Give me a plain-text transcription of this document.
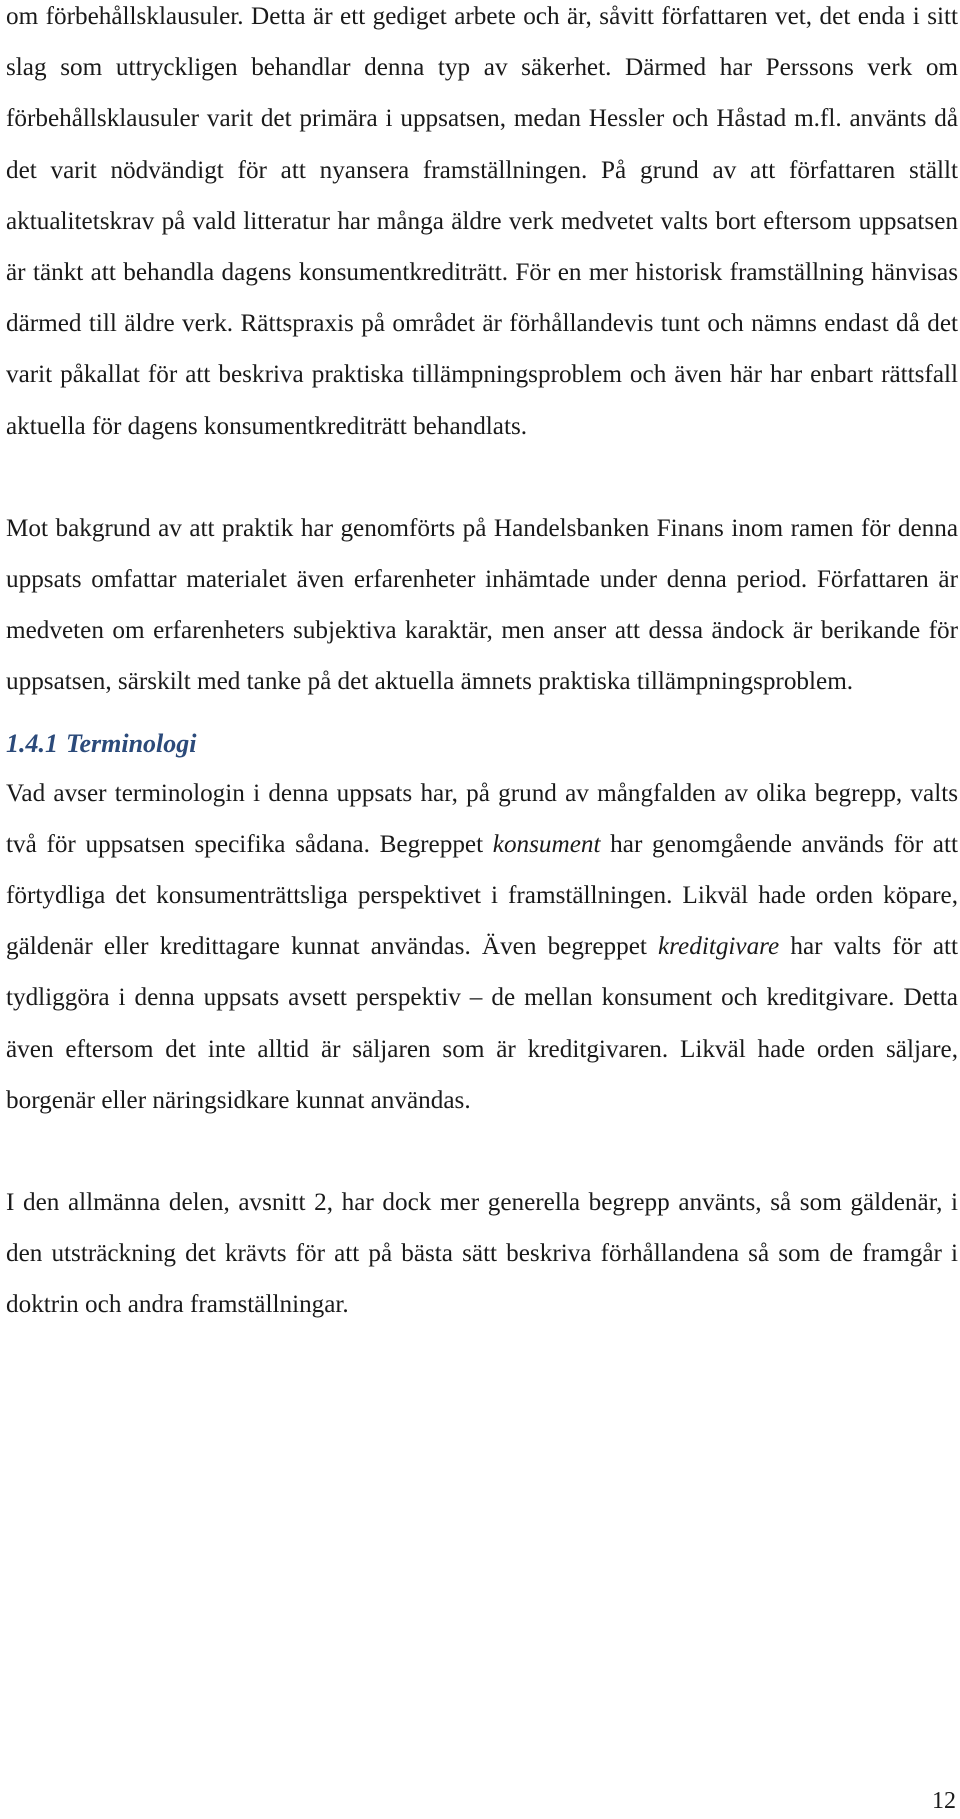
om förbehållsklausuler. Detta är ett gediget arbete och är, såvitt författaren vet, det enda i sitt slag som uttryckligen behandlar denna typ av säkerhet. Därmed har Perssons verk om förbehållsklausuler varit det primära i uppsatsen, medan Hessler och Håstad m.fl. använts då det varit nödvändigt för att nyansera framställningen. På grund av att författaren ställt aktualitetskrav på vald litteratur har många äldre verk medvetet valts bort eftersom uppsatsen är tänkt att behandla dagens konsumentkrediträtt. För en mer historisk framställning hänvisas därmed till äldre verk. Rättspraxis på området är förhållandevis tunt och nämns endast då det varit påkallat för att beskriva praktiska tillämpningsproblem och även här har enbart rättsfall aktuella för dagens konsumentkrediträtt behandlats.

Mot bakgrund av att praktik har genomförts på Handelsbanken Finans inom ramen för denna uppsats omfattar materialet även erfarenheter inhämtade under denna period. Författaren är medveten om erfarenheters subjektiva karaktär, men anser att dessa ändock är berikande för uppsatsen, särskilt med tanke på det aktuella ämnets praktiska tillämpningsproblem.

1.4.1 Terminologi

Vad avser terminologin i denna uppsats har, på grund av mångfalden av olika begrepp, valts två för uppsatsen specifika sådana. Begreppet konsument har genomgående används för att förtydliga det konsumenträttsliga perspektivet i framställningen. Likväl hade orden köpare, gäldenär eller kredittagare kunnat användas. Även begreppet kreditgivare har valts för att tydliggöra i denna uppsats avsett perspektiv – de mellan konsument och kreditgivare. Detta även eftersom det inte alltid är säljaren som är kreditgivaren. Likväl hade orden säljare, borgenär eller näringsidkare kunnat användas.

I den allmänna delen, avsnitt 2, har dock mer generella begrepp använts, så som gäldenär, i den utsträckning det krävts för att på bästa sätt beskriva förhållandena så som de framgår i doktrin och andra framställningar.

12
